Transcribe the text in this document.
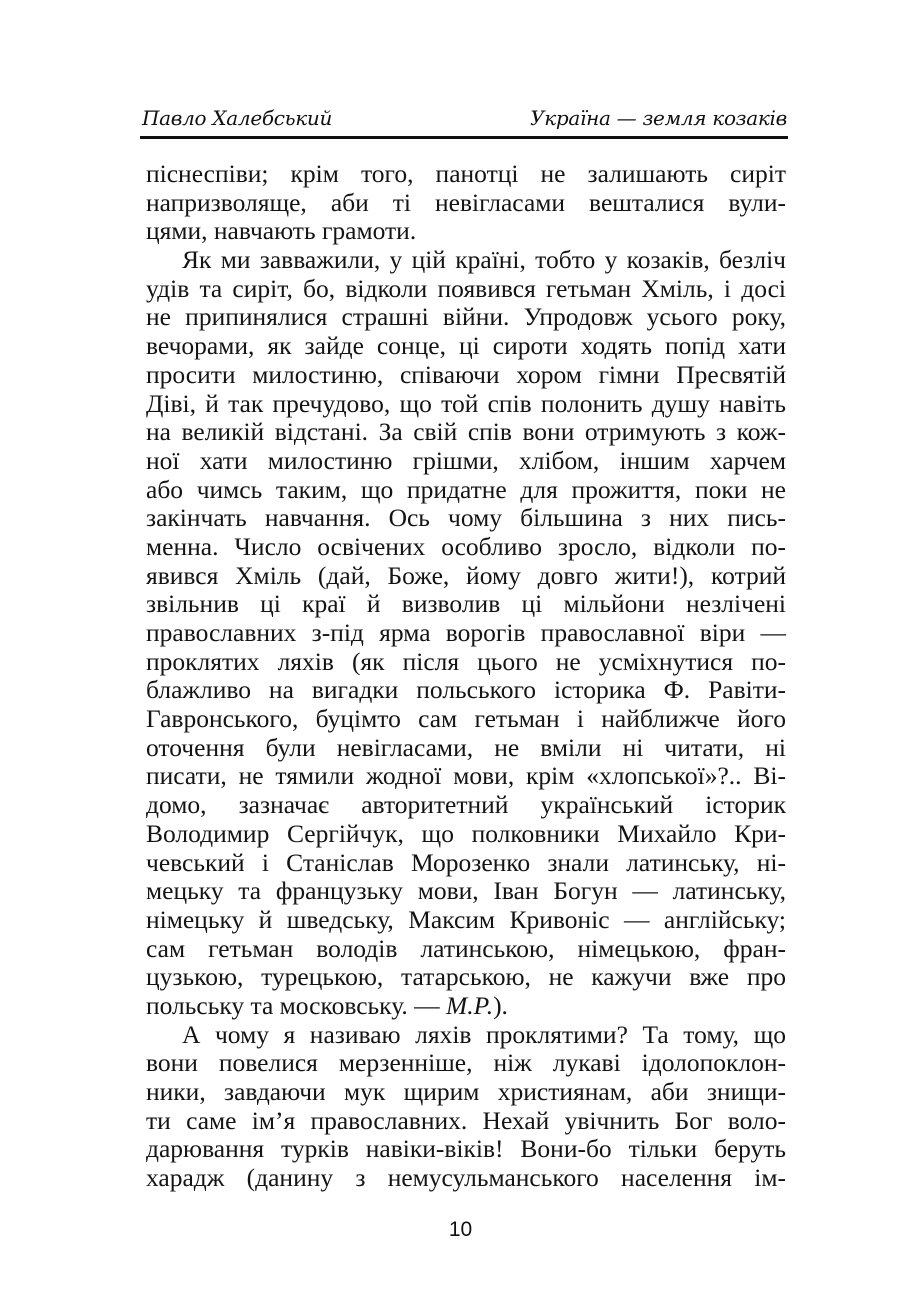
Павло Халебський	Україна — земля козаків
піснеспіви; крім того, панотці не залишають сиріт
напризволяще, аби ті невігласами вешталися вули-
цями, навчають грамоти.
Як ми завважили, у цій країні, тобто у козаків, безліч
удів та сиріт, бо, відколи появився гетьман Хміль, і досі
не припинялися страшні війни. Упродовж усього року,
вечорами, як зайде сонце, ці сироти ходять попід хати
просити милостиню, співаючи хором гімни Пресвятій
Діві, й так пречудово, що той спів полонить душу навіть
на великій відстані. За свій спів вони отримують з кож-
ної хати милостиню грішми, хлібом, іншим харчем
або чимсь таким, що придатне для прожиття, поки не
закінчать навчання. Ось чому більшина з них пись-
менна. Число освічених особливо зросло, відколи по-
явився Хміль (дай, Боже, йому довго жити!), котрий
звільнив ці краї й визволив ці мільйони незлічені
православних з-під ярма ворогів православної віри —
проклятих ляхів (як після цього не усміхнутися по-
блажливо на вигадки польського історика Ф. Равіти-
Гавронського, буцімто сам гетьман і найближче його
оточення були невігласами, не вміли ні читати, ні
писати, не тямили жодної мови, крім «хлопської»?.. Ві-
домо, зазначає авторитетний український історик
Володимир Сергійчук, що полковники Михайло Кри-
чевський і Станіслав Морозенко знали латинську, ні-
мецьку та французьку мови, Іван Богун — латинську,
німецьку й шведську, Максим Кривоніс — англійську;
сам гетьман володів латинською, німецькою, фран-
цузькою, турецькою, татарською, не кажучи вже про
польську та московську. — М.Р.).
А чому я називаю ляхів проклятими? Та тому, що
вони повелися мерзенніше, ніж лукаві ідолопоклон-
ники, завдаючи мук щирим християнам, аби знищи-
ти саме ім’я православних. Нехай увічнить Бог воло-
дарювання турків навіки-віків! Вони-бо тільки беруть
харадж (данину з немусульманського населення ім-
10
